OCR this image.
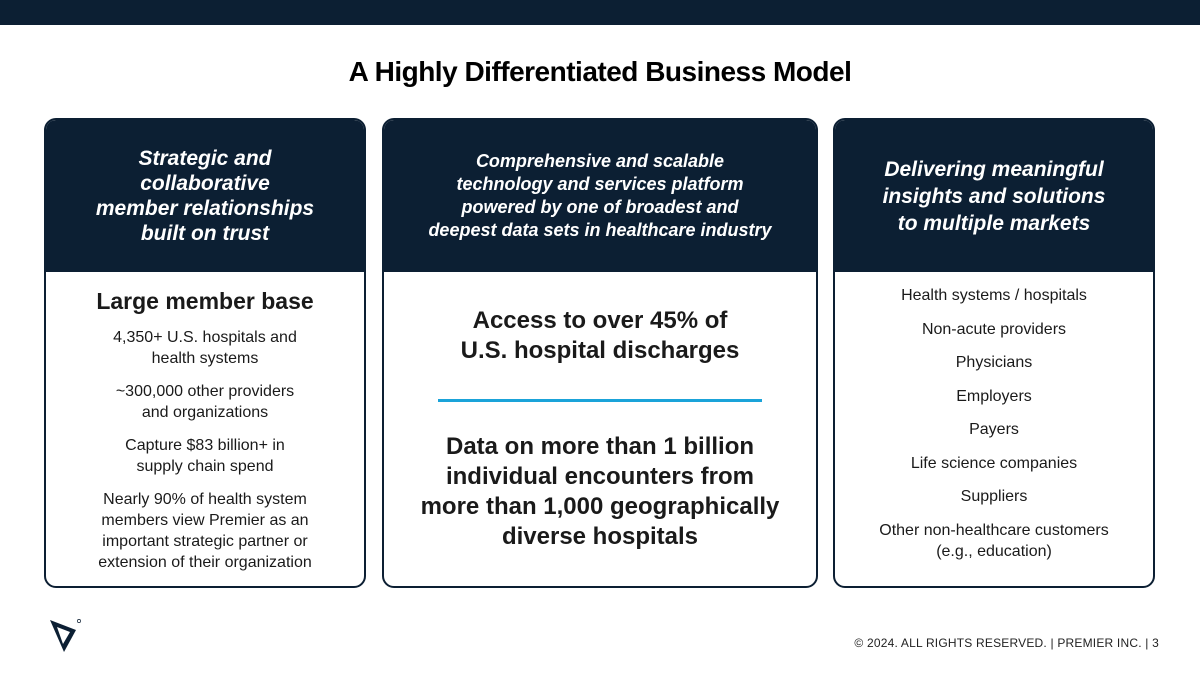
A Highly Differentiated Business Model
Strategic and
collaborative
member relationships
built on trust
Large member base
4,350+ U.S. hospitals and
health systems
~300,000 other providers
and organizations
Capture $83 billion+ in
supply chain spend
Nearly 90% of health system
members view Premier as an
important strategic partner or
extension of their organization
Comprehensive and scalable
technology and services platform
powered by one of broadest and
deepest data sets in healthcare industry
Access to over 45% of
U.S. hospital discharges
Data on more than 1 billion
individual encounters from
more than 1,000 geographically
diverse hospitals
Delivering meaningful
insights and solutions
to multiple markets
Health systems / hospitals
Non-acute providers
Physicians
Employers
Payers
Life science companies
Suppliers
Other non-healthcare customers
(e.g., education)
© 2024. ALL RIGHTS RESERVED. | PREMIER INC. | 3
